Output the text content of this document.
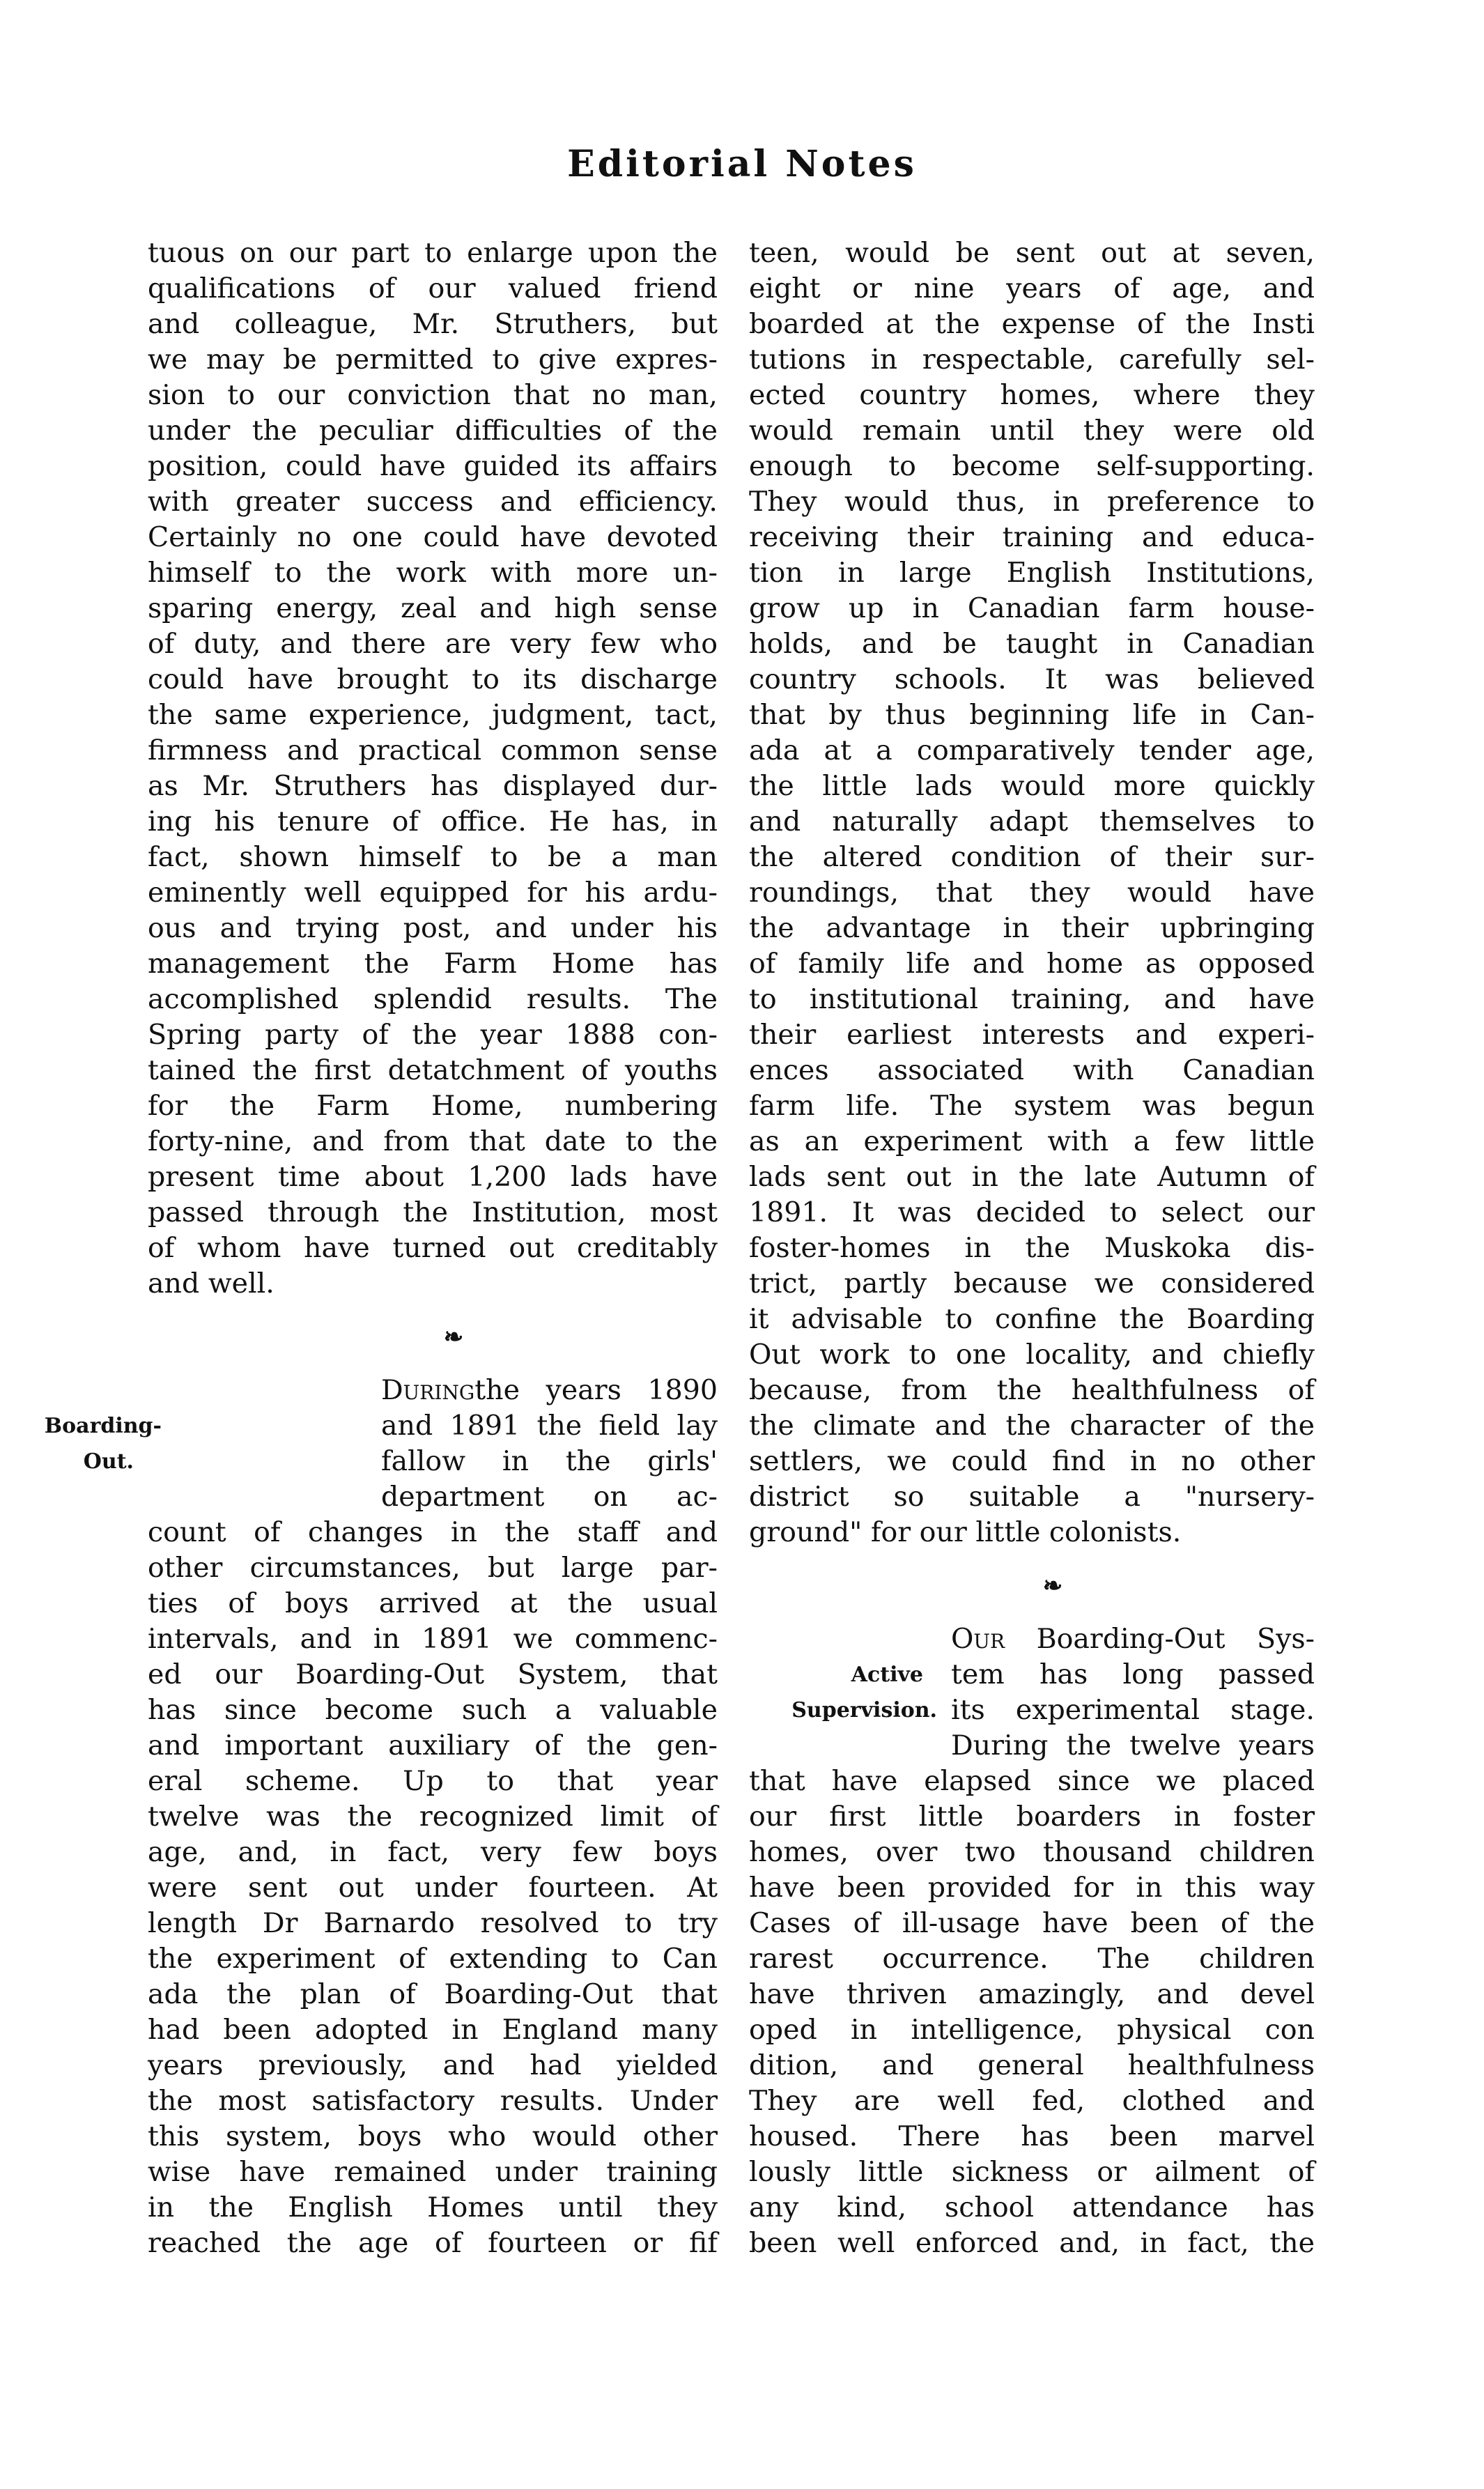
Editorial Notes
tuous on our part to enlarge upon the
qualifications of our valued friend
and colleague, Mr. Struthers, but
we may be permitted to give expres-
sion to our conviction that no man,
under the peculiar difficulties of the
position, could have guided its affairs
with greater success and efficiency.
Certainly no one could have devoted
himself to the work with more un-
sparing energy, zeal and high sense
of duty, and there are very few who
could have brought to its discharge
the same experience, judgment, tact,
firmness and practical common sense
as Mr. Struthers has displayed dur-
ing his tenure of office. He has, in
fact, shown himself to be a man
eminently well equipped for his ardu-
ous and trying post, and under his
management the Farm Home has
accomplished splendid results. The
Spring party of the year 1888 con-
tained the first detatchment of youths
for the Farm Home, numbering
forty-nine, and from that date to the
present time about 1,200 lads have
passed through the Institution, most
of whom have turned out creditably
and well.
❧
Boarding-
Out.
Duringthe years 1890
and 1891 the field lay
fallow in the girls'
department on ac-
count of changes in the staff and
other circumstances, but large par-
ties of boys arrived at the usual
intervals, and in 1891 we commenc-
ed our Boarding-Out System, that
has since become such a valuable
and important auxiliary of the gen-
eral scheme. Up to that year
twelve was the recognized limit of
age, and, in fact, very few boys
were sent out under fourteen. At
length Dr Barnardo resolved to try
the experiment of extending to Can
ada the plan of Boarding-Out that
had been adopted in England many
years previously, and had yielded
the most satisfactory results. Under
this system, boys who would other
wise have remained under training
in the English Homes until they
reached the age of fourteen or fif
teen, would be sent out at seven,
eight or nine years of age, and
boarded at the expense of the Insti
tutions in respectable, carefully sel-
ected country homes, where they
would remain until they were old
enough to become self-supporting.
They would thus, in preference to
receiving their training and educa-
tion in large English Institutions,
grow up in Canadian farm house-
holds, and be taught in Canadian
country schools. It was believed
that by thus beginning life in Can-
ada at a comparatively tender age,
the little lads would more quickly
and naturally adapt themselves to
the altered condition of their sur-
roundings, that they would have
the advantage in their upbringing
of family life and home as opposed
to institutional training, and have
their earliest interests and experi-
ences associated with Canadian
farm life. The system was begun
as an experiment with a few little
lads sent out in the late Autumn of
1891. It was decided to select our
foster-homes in the Muskoka dis-
trict, partly because we considered
it advisable to confine the Boarding
Out work to one locality, and chiefly
because, from the healthfulness of
the climate and the character of the
settlers, we could find in no other
district so suitable a "nursery-
ground" for our little colonists.
❧
Active
Supervision.
Our Boarding-Out Sys-
tem has long passed
its experimental stage.
During the twelve years
that have elapsed since we placed
our first little boarders in foster
homes, over two thousand children
have been provided for in this way
Cases of ill-usage have been of the
rarest occurrence. The children
have thriven amazingly, and devel
oped in intelligence, physical con
dition, and general healthfulness
They are well fed, clothed and
housed. There has been marvel
lously little sickness or ailment of
any kind, school attendance has
been well enforced and, in fact, the
